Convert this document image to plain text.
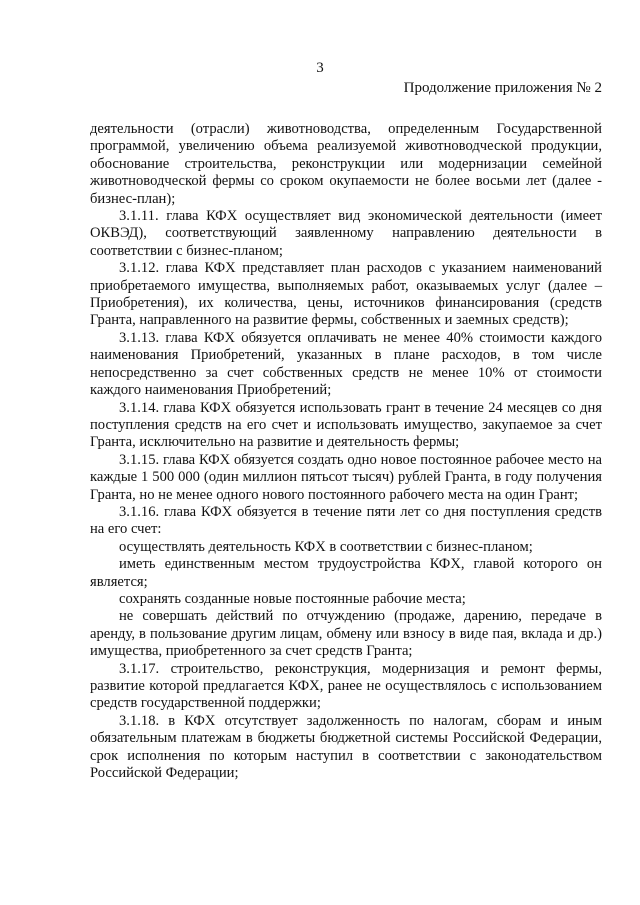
3
Продолжение приложения № 2

деятельности (отрасли) животноводства, определенным Государственной программой, увеличению объема реализуемой животноводческой продукции, обоснование строительства, реконструкции или модернизации семейной животноводческой фермы со сроком окупаемости не более восьми лет (далее - бизнес-план);

3.1.11. глава КФХ осуществляет вид экономической деятельности (имеет ОКВЭД), соответствующий заявленному направлению деятельности в соответствии с бизнес-планом;

3.1.12. глава КФХ представляет план расходов с указанием наименований приобретаемого имущества, выполняемых работ, оказываемых услуг (далее – Приобретения), их количества, цены, источников финансирования (средств Гранта, направленного на развитие фермы, собственных и заемных средств);

3.1.13. глава КФХ обязуется оплачивать не менее 40% стоимости каждого наименования Приобретений, указанных в плане расходов, в том числе непосредственно за счет собственных средств не менее 10% от стоимости каждого наименования Приобретений;

3.1.14. глава КФХ обязуется использовать грант в течение 24 месяцев со дня поступления средств на его счет и использовать имущество, закупаемое за счет Гранта, исключительно на развитие и деятельность фермы;

3.1.15. глава КФХ обязуется создать одно новое постоянное рабочее место на каждые 1 500 000 (один миллион пятьсот тысяч) рублей Гранта, в году получения Гранта, но не менее одного нового постоянного рабочего места на один Грант;

3.1.16. глава КФХ обязуется в течение пяти лет со дня поступления средств на его счет:

осуществлять деятельность КФХ в соответствии с бизнес-планом;

иметь единственным местом трудоустройства КФХ, главой которого он является;

сохранять созданные новые постоянные рабочие места;

не совершать действий по отчуждению (продаже, дарению, передаче в аренду, в пользование другим лицам, обмену или взносу в виде пая, вклада и др.) имущества, приобретенного за счет средств Гранта;

3.1.17. строительство, реконструкция, модернизация и ремонт фермы, развитие которой предлагается КФХ, ранее не осуществлялось с использованием средств государственной поддержки;

3.1.18. в КФХ отсутствует задолженность по налогам, сборам и иным обязательным платежам в бюджеты бюджетной системы Российской Федерации, срок исполнения по которым наступил в соответствии с законодательством Российской Федерации;
